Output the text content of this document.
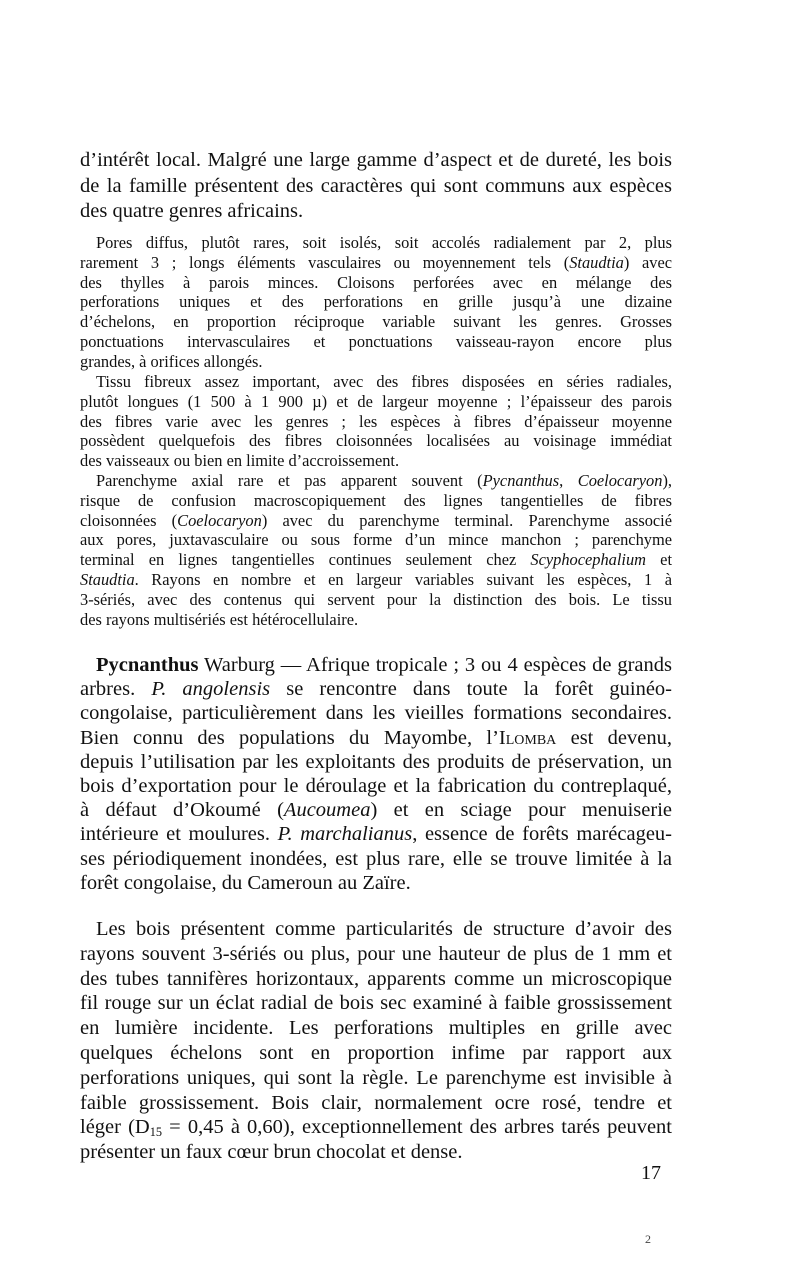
d’intérêt local. Malgré une large gamme d’aspect et de dureté, les bois
de la famille présentent des caractères qui sont communs aux espèces
des quatre genres africains.
Pores diffus, plutôt rares, soit isolés, soit accolés radialement par 2, plus
rarement 3 ; longs éléments vasculaires ou moyennement tels (Staudtia) avec
des thylles à parois minces. Cloisons perforées avec en mélange des
perforations uniques et des perforations en grille jusqu’à une dizaine
d’échelons, en proportion réciproque variable suivant les genres. Grosses
ponctuations intervasculaires et ponctuations vaisseau-rayon encore plus
grandes, à orifices allongés.
Tissu fibreux assez important, avec des fibres disposées en séries radiales,
plutôt longues (1 500 à 1 900 µ) et de largeur moyenne ; l’épaisseur des parois
des fibres varie avec les genres ; les espèces à fibres d’épaisseur moyenne
possèdent quelquefois des fibres cloisonnées localisées au voisinage immédiat
des vaisseaux ou bien en limite d’accroissement.
Parenchyme axial rare et pas apparent souvent (Pycnanthus, Coelocaryon),
risque de confusion macroscopiquement des lignes tangentielles de fibres
cloisonnées (Coelocaryon) avec du parenchyme terminal. Parenchyme associé
aux pores, juxtavasculaire ou sous forme d’un mince manchon ; parenchyme
terminal en lignes tangentielles continues seulement chez Scyphocephalium et
Staudtia. Rayons en nombre et en largeur variables suivant les espèces, 1 à
3-sériés, avec des contenus qui servent pour la distinction des bois. Le tissu
des rayons multisériés est hétérocellulaire.
Pycnanthus Warburg — Afrique tropicale ; 3 ou 4 espèces de grands
arbres. P. angolensis se rencontre dans toute la forêt guinéo-
congolaise, particulièrement dans les vieilles formations secondaires.
Bien connu des populations du Mayombe, l’Ilomba est devenu,
depuis l’utilisation par les exploitants des produits de préservation, un
bois d’exportation pour le déroulage et la fabrication du contreplaqué,
à défaut d’Okoumé (Aucoumea) et en sciage pour menuiserie
intérieure et moulures. P. marchalianus, essence de forêts marécageu-
ses périodiquement inondées, est plus rare, elle se trouve limitée à la
forêt congolaise, du Cameroun au Zaïre.
Les bois présentent comme particularités de structure d’avoir des
rayons souvent 3-sériés ou plus, pour une hauteur de plus de 1 mm et
des tubes tannifères horizontaux, apparents comme un microscopique
fil rouge sur un éclat radial de bois sec examiné à faible grossissement
en lumière incidente. Les perforations multiples en grille avec
quelques échelons sont en proportion infime par rapport aux
perforations uniques, qui sont la règle. Le parenchyme est invisible à
faible grossissement. Bois clair, normalement ocre rosé, tendre et
léger ($D_{15} = 0,45$ à 0,60), exceptionnellement des arbres tarés peuvent
présenter un faux cœur brun chocolat et dense.
17
2
